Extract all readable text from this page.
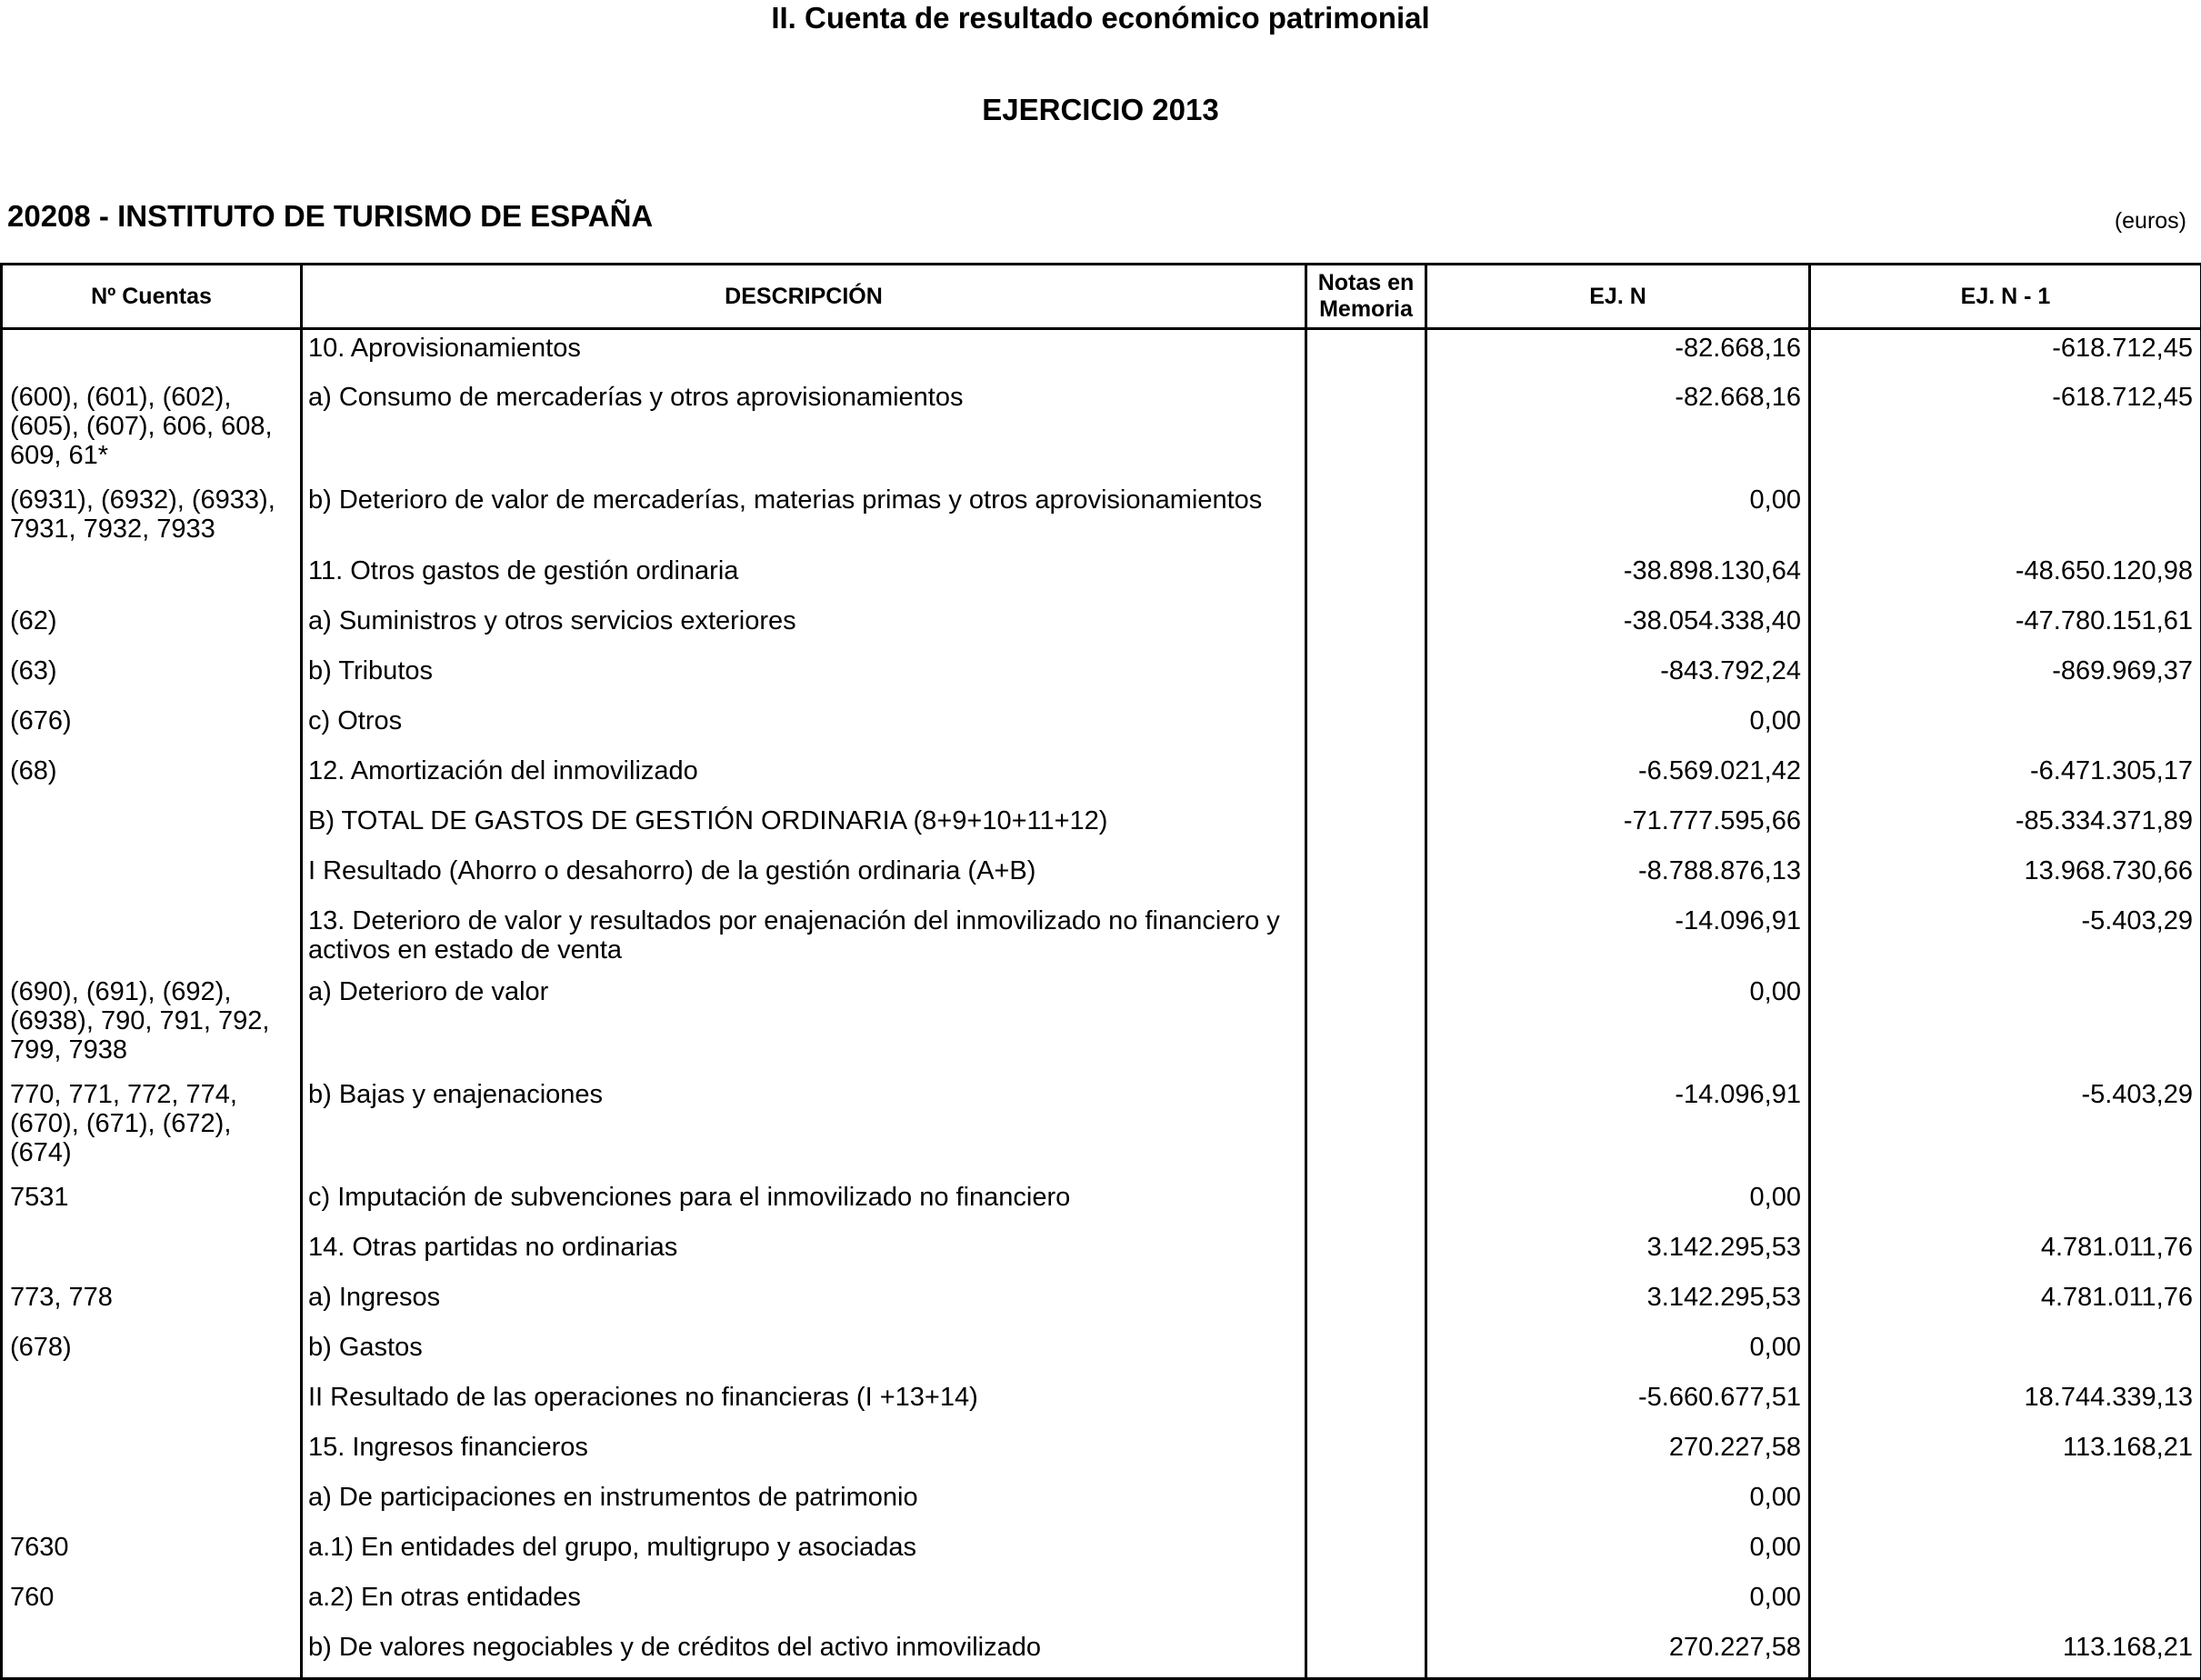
II. Cuenta de resultado económico patrimonial
EJERCICIO 2013
20208 - INSTITUTO DE TURISMO DE ESPAÑA	(euros)
Nº Cuentas	DESCRIPCIÓN	Notas en Memoria	EJ. N	EJ. N - 1
	10. Aprovisionamientos		-82.668,16	-618.712,45
(600), (601), (602), (605), (607), 606, 608, 609, 61*	a) Consumo de mercaderías y otros aprovisionamientos		-82.668,16	-618.712,45
(6931), (6932), (6933), 7931, 7932, 7933	b) Deterioro de valor de mercaderías, materias primas y otros aprovisionamientos		0,00	
	11. Otros gastos de gestión ordinaria		-38.898.130,64	-48.650.120,98
(62)	a) Suministros y otros servicios exteriores		-38.054.338,40	-47.780.151,61
(63)	b) Tributos		-843.792,24	-869.969,37
(676)	c) Otros		0,00	
(68)	12. Amortización del inmovilizado		-6.569.021,42	-6.471.305,17
	B) TOTAL DE GASTOS DE GESTIÓN ORDINARIA (8+9+10+11+12)		-71.777.595,66	-85.334.371,89
	I Resultado (Ahorro o desahorro) de la gestión ordinaria (A+B)		-8.788.876,13	13.968.730,66
	13. Deterioro de valor y resultados por enajenación del inmovilizado no financiero y activos en estado de venta		-14.096,91	-5.403,29
(690), (691), (692), (6938), 790, 791, 792, 799, 7938	a) Deterioro de valor		0,00	
770, 771, 772, 774, (670), (671), (672), (674)	b) Bajas y enajenaciones		-14.096,91	-5.403,29
7531	c) Imputación de subvenciones para el inmovilizado no financiero		0,00	
	14. Otras partidas no ordinarias		3.142.295,53	4.781.011,76
773, 778	a) Ingresos		3.142.295,53	4.781.011,76
(678)	b) Gastos		0,00	
	II Resultado de las operaciones no financieras (I +13+14)		-5.660.677,51	18.744.339,13
	15. Ingresos financieros		270.227,58	113.168,21
	a) De participaciones en instrumentos de patrimonio		0,00	
7630	a.1) En entidades del grupo, multigrupo y asociadas		0,00	
760	a.2) En otras entidades		0,00	
	b) De valores negociables y de créditos del activo inmovilizado		270.227,58	113.168,21
